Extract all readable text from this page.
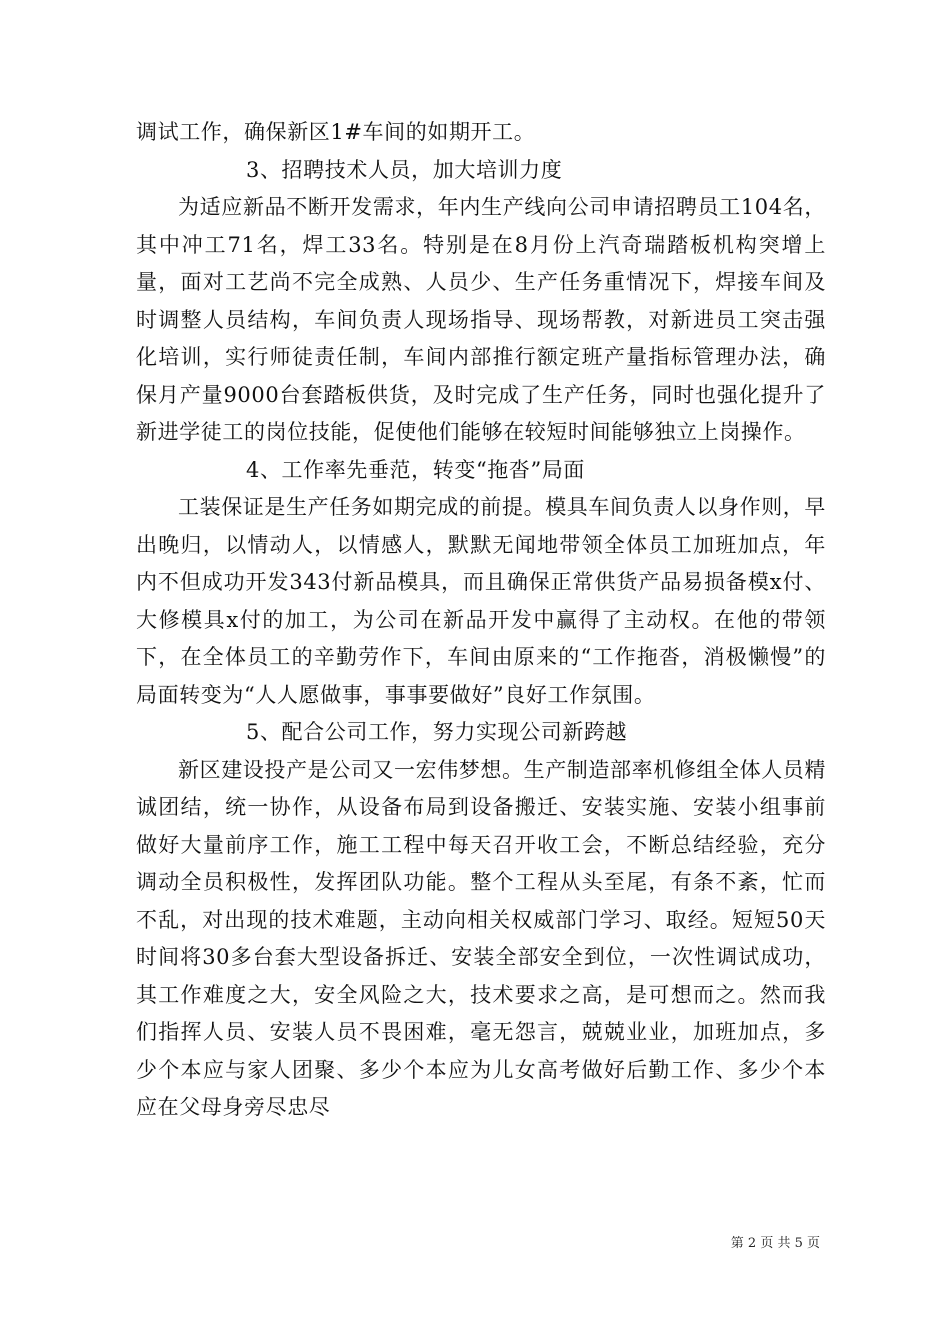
调试工作，确保新区1#车间的如期开工。

3、招聘技术人员，加大培训力度

为适应新品不断开发需求，年内生产线向公司申请招聘员工104名，其中冲工71名，焊工33名。特别是在8月份上汽奇瑞踏板机构突增上量，面对工艺尚不完全成熟、人员少、生产任务重情况下，焊接车间及时调整人员结构，车间负责人现场指导、现场帮教，对新进员工突击强化培训，实行师徒责任制，车间内部推行额定班产量指标管理办法，确保月产量9000台套踏板供货，及时完成了生产任务，同时也强化提升了新进学徒工的岗位技能，促使他们能够在较短时间能够独立上岗操作。

4、工作率先垂范，转变“拖沓”局面

工装保证是生产任务如期完成的前提。模具车间负责人以身作则，早出晚归，以情动人，以情感人，默默无闻地带领全体员工加班加点，年内不但成功开发343付新品模具，而且确保正常供货产品易损备模x付、大修模具x付的加工，为公司在新品开发中赢得了主动权。在他的带领下，在全体员工的辛勤劳作下，车间由原来的“工作拖沓，消极懒慢”的局面转变为“人人愿做事，事事要做好”良好工作氛围。

5、配合公司工作，努力实现公司新跨越

新区建设投产是公司又一宏伟梦想。生产制造部率机修组全体人员精诚团结，统一协作，从设备布局到设备搬迁、安装实施、安装小组事前做好大量前序工作，施工工程中每天召开收工会，不断总结经验，充分调动全员积极性，发挥团队功能。整个工程从头至尾，有条不紊，忙而不乱，对出现的技术难题，主动向相关权威部门学习、取经。短短50天时间将30多台套大型设备拆迁、安装全部安全到位，一次性调试成功，其工作难度之大，安全风险之大，技术要求之高，是可想而之。然而我们指挥人员、安装人员不畏困难，毫无怨言，兢兢业业，加班加点，多少个本应与家人团聚、多少个本应为儿女高考做好后勤工作、多少个本应在父母身旁尽忠尽

第 2 页 共 5 页
